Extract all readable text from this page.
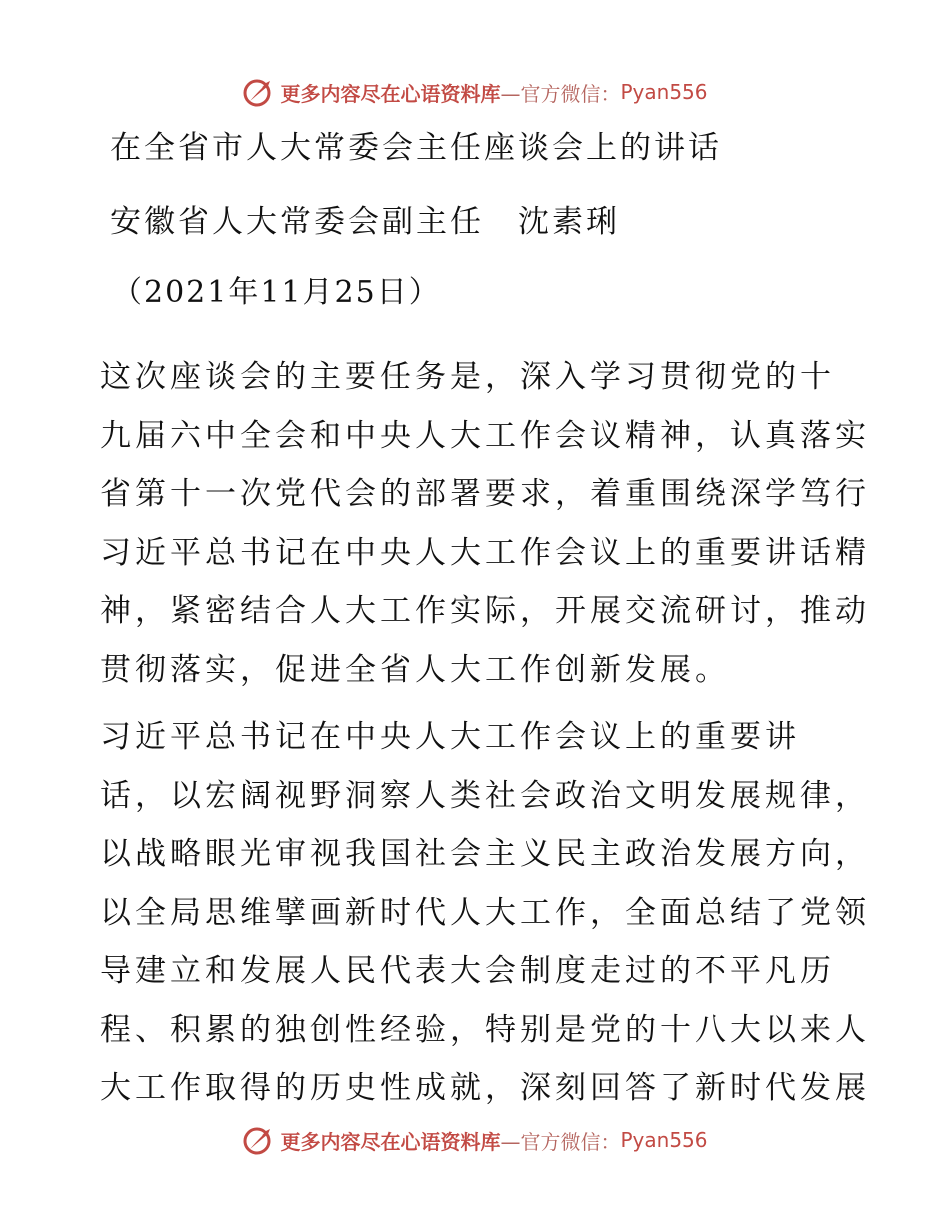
更多内容尽在心语资料库 —官方微信： Pyan556
在全省市人大常委会主任座谈会上的讲话
安徽省人大常委会副主任　沈素琍
（2021年11月25日）
这次座谈会的主要任务是，深入学习贯彻党的十
九届六中全会和中央人大工作会议精神，认真落实
省第十一次党代会的部署要求，着重围绕深学笃行
习近平总书记在中央人大工作会议上的重要讲话精
神，紧密结合人大工作实际，开展交流研讨，推动
贯彻落实，促进全省人大工作创新发展。
习近平总书记在中央人大工作会议上的重要讲
话，以宏阔视野洞察人类社会政治文明发展规律，
以战略眼光审视我国社会主义民主政治发展方向，
以全局思维擘画新时代人大工作，全面总结了党领
导建立和发展人民代表大会制度走过的不平凡历
程、积累的独创性经验，特别是党的十八大以来人
大工作取得的历史性成就，深刻回答了新时代发展
更多内容尽在心语资料库 —官方微信： Pyan556
